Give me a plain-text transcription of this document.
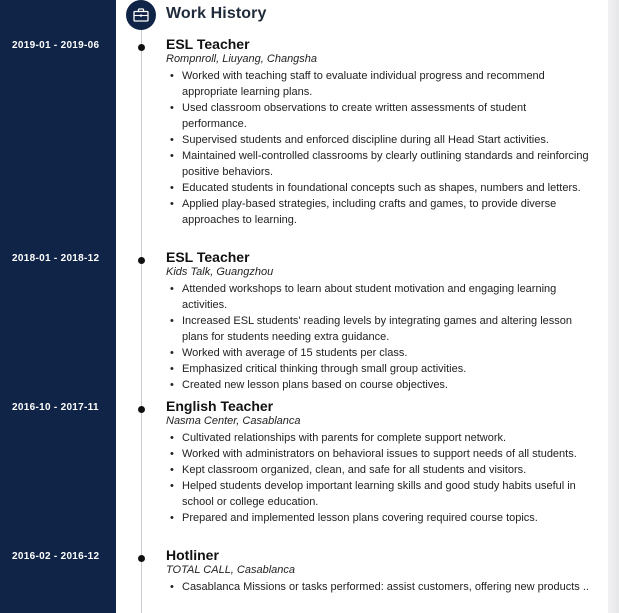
Work History
2019-01 - 2019-06	ESL Teacher
Rompnroll, Liuyang, Changsha
• Worked with teaching staff to evaluate individual progress and recommend appropriate learning plans.
• Used classroom observations to create written assessments of student performance.
• Supervised students and enforced discipline during all Head Start activities.
• Maintained well-controlled classrooms by clearly outlining standards and reinforcing positive behaviors.
• Educated students in foundational concepts such as shapes, numbers and letters.
• Applied play-based strategies, including crafts and games, to provide diverse approaches to learning.
2018-01 - 2018-12	ESL Teacher
Kids Talk, Guangzhou
• Attended workshops to learn about student motivation and engaging learning activities.
• Increased ESL students' reading levels by integrating games and altering lesson plans for students needing extra guidance.
• Worked with average of 15 students per class.
• Emphasized critical thinking through small group activities.
• Created new lesson plans based on course objectives.
2016-10 - 2017-11	English Teacher
Nasma Center, Casablanca
• Cultivated relationships with parents for complete support network.
• Worked with administrators on behavioral issues to support needs of all students.
• Kept classroom organized, clean, and safe for all students and visitors.
• Helped students develop important learning skills and good study habits useful in school or college education.
• Prepared and implemented lesson plans covering required course topics.
2016-02 - 2016-12	Hotliner
TOTAL CALL, Casablanca
• Casablanca Missions or tasks performed: assist customers, offering new products ..
